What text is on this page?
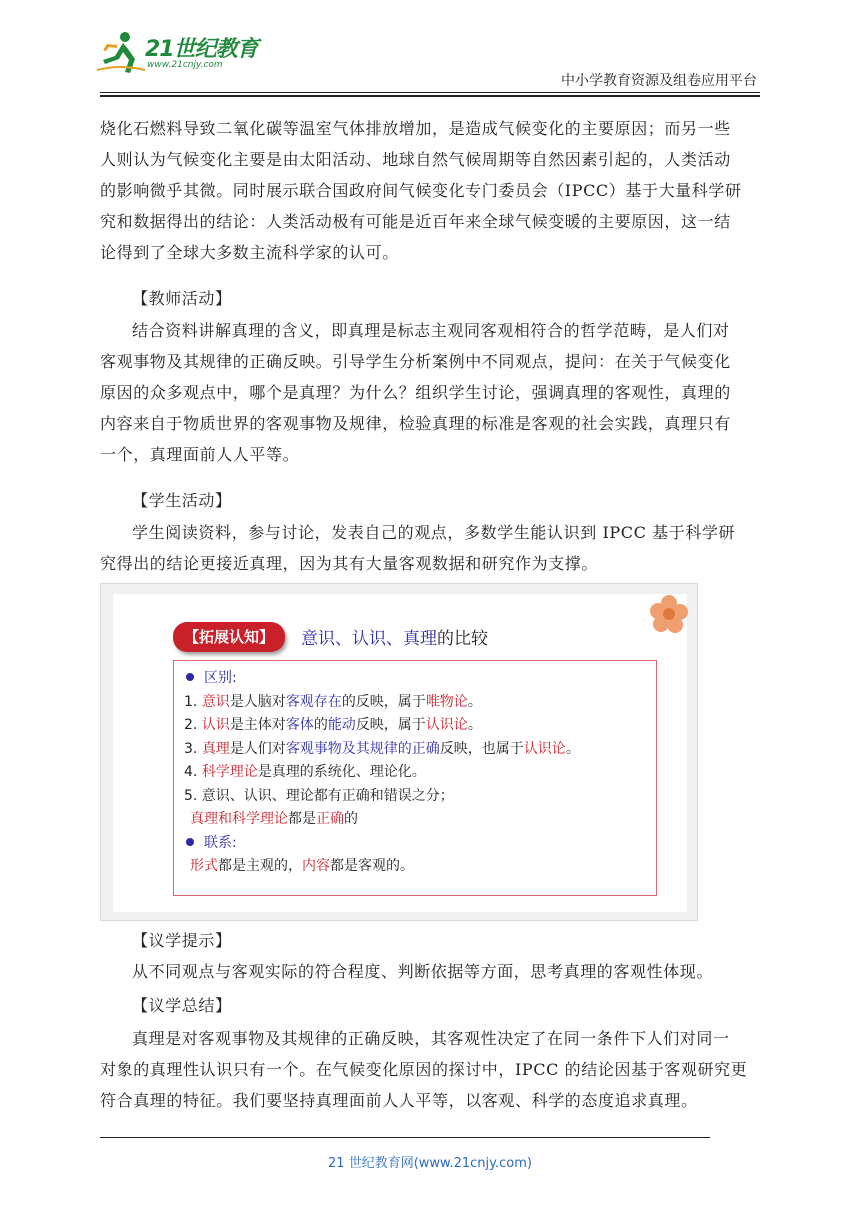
21世纪教育
www.21cnjy.com
中小学教育资源及组卷应用平台
烧化石燃料导致二氧化碳等温室气体排放增加，是造成气候变化的主要原因；而另一些
人则认为气候变化主要是由太阳活动、地球自然气候周期等自然因素引起的，人类活动
的影响微乎其微。同时展示联合国政府间气候变化专门委员会（IPCC）基于大量科学研
究和数据得出的结论：人类活动极有可能是近百年来全球气候变暖的主要原因，这一结
论得到了全球大多数主流科学家的认可。
【教师活动】
结合资料讲解真理的含义，即真理是标志主观同客观相符合的哲学范畴，是人们对
客观事物及其规律的正确反映。引导学生分析案例中不同观点，提问：在关于气候变化
原因的众多观点中，哪个是真理？为什么？组织学生讨论，强调真理的客观性，真理的
内容来自于物质世界的客观事物及规律，检验真理的标准是客观的社会实践，真理只有
一个，真理面前人人平等。
【学生活动】
学生阅读资料，参与讨论，发表自己的观点，多数学生能认识到 IPCC 基于科学研
究得出的结论更接近真理，因为其有大量客观数据和研究作为支撑。
【拓展认知】	意识、认识、真理的比较
区别:
1. 意识是人脑对客观存在的反映，属于唯物论。
2. 认识是主体对客体的能动反映，属于认识论。
3. 真理是人们对客观事物及其规律的正确反映，也属于认识论。
4. 科学理论是真理的系统化、理论化。
5. 意识、认识、理论都有正确和错误之分；
真理和科学理论都是正确的
联系:
形式都是主观的，内容都是客观的。
【议学提示】
从不同观点与客观实际的符合程度、判断依据等方面，思考真理的客观性体现。
【议学总结】
真理是对客观事物及其规律的正确反映，其客观性决定了在同一条件下人们对同一
对象的真理性认识只有一个。在气候变化原因的探讨中，IPCC 的结论因基于客观研究更
符合真理的特征。我们要坚持真理面前人人平等，以客观、科学的态度追求真理。
21 世纪教育网(www.21cnjy.com)
